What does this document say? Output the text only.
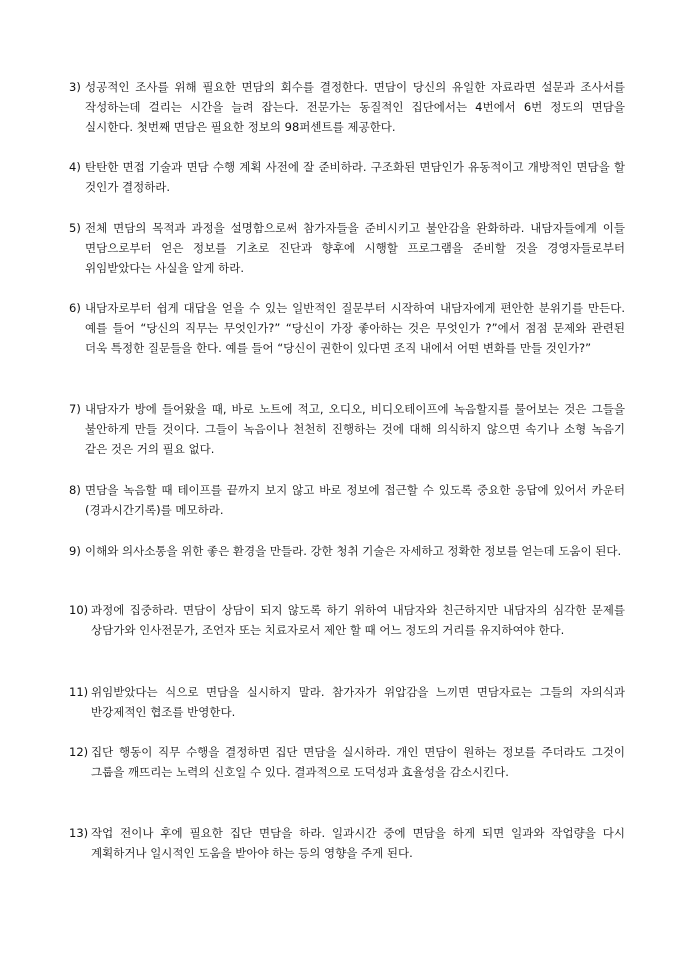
3) 성공적인 조사를 위해 필요한 면담의 회수를 결정한다. 면담이 당신의 유일한 자료라면 설문과 조사서를 작성하는데 걸리는 시간을 늘려 잡는다. 전문가는 동질적인 집단에서는 4번에서 6번 정도의 면담을 실시한다. 첫번째 면담은 필요한 정보의 98퍼센트를 제공한다.
4) 탄탄한 면접 기술과 면담 수행 계획 사전에 잘 준비하라. 구조화된 면담인가 유동적이고 개방적인 면담을 할 것인가 결정하라.
5) 전체 면담의 목적과 과정을 설명함으로써 참가자들을 준비시키고 불안감을 완화하라. 내담자들에게 이들 면담으로부터 얻은 정보를 기초로 진단과 향후에 시행할 프로그램을 준비할 것을 경영자들로부터 위임받았다는 사실을 알게 하라.
6) 내담자로부터 쉽게 대답을 얻을 수 있는 일반적인 질문부터 시작하여 내담자에게 편안한 분위기를 만든다. 예를 들어 “당신의 직무는 무엇인가?” “당신이 가장 좋아하는 것은 무엇인가 ?”에서 점점 문제와 관련된 더욱 특정한 질문들을 한다. 예를 들어 “당신이 권한이 있다면 조직 내에서 어떤 변화를 만들 것인가?”
7) 내담자가 방에 들어왔을 때, 바로 노트에 적고, 오디오, 비디오테이프에 녹음할지를 물어보는 것은 그들을 불안하게 만들 것이다. 그들이 녹음이나 천천히 진행하는 것에 대해 의식하지 않으면 속기나 소형 녹음기 같은 것은 거의 필요 없다.
8) 면담을 녹음할 때 테이프를 끝까지 보지 않고 바로 정보에 접근할 수 있도록 중요한 응답에 있어서 카운터(경과시간기록)를 메모하라.
9) 이해와 의사소통을 위한 좋은 환경을 만들라. 강한 청취 기술은 자세하고 정확한 정보를 얻는데 도움이 된다.
10) 과정에 집중하라. 면담이 상담이 되지 않도록 하기 위하여 내담자와 친근하지만 내담자의 심각한 문제를 상담가와 인사전문가, 조언자 또는 치료자로서 제안 할 때 어느 정도의 거리를 유지하여야 한다.
11) 위임받았다는 식으로 면담을 실시하지 말라. 참가자가 위압감을 느끼면 면담자료는 그들의 자의식과 반강제적인 협조를 반영한다.
12) 집단 행동이 직무 수행을 결정하면 집단 면담을 실시하라. 개인 면담이 원하는 정보를 주더라도 그것이 그룹을 깨뜨리는 노력의 신호일 수 있다. 결과적으로 도덕성과 효율성을 감소시킨다.
13) 작업 전이나 후에 필요한 집단 면담을 하라. 일과시간 중에 면담을 하게 되면 일과와 작업량을 다시 계획하거나 일시적인 도움을 받아야 하는 등의 영향을 주게 된다.
